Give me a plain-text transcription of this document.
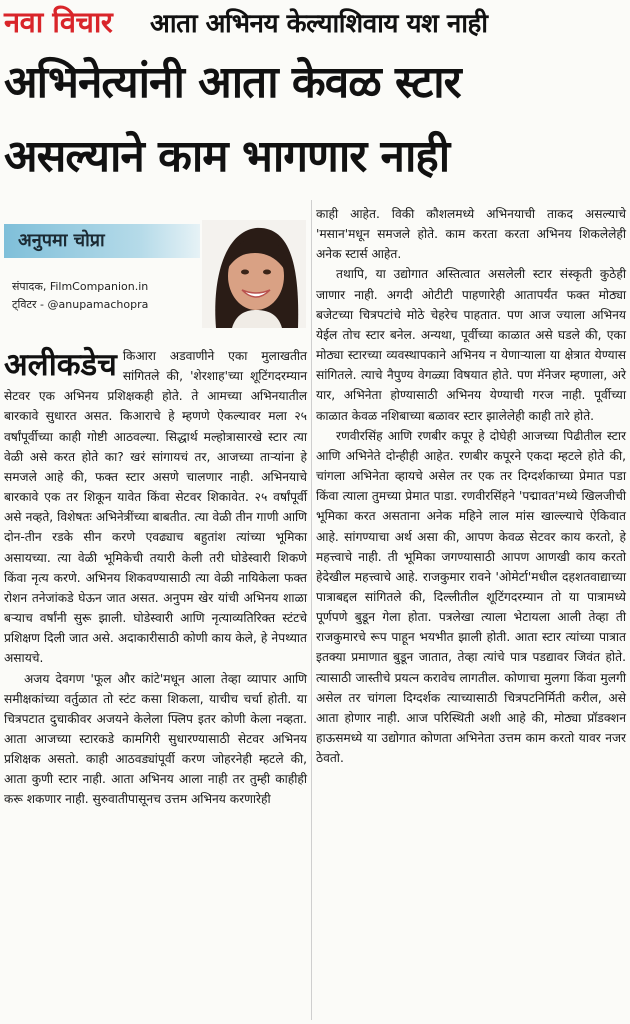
नवा विचार आता अभिनय केल्याशिवाय यश नाही
अभिनेत्यांनी आता केवळ स्टार
असल्याने काम भागणार नाही
अनुपमा चोप्रा
संपादक, FilmCompanion.in
ट्विटर - @anupamachopra

अलीकडेच किआरा अडवाणीने एका मुलाखतीत सांगितले की, 'शेरशाह'च्या शूटिंगदरम्यान सेटवर एक अभिनय प्रशिक्षकही होते. ते आमच्या अभिनयातील बारकावे सुधारत असत. किआराचे हे म्हणणे ऐकल्यावर मला २५ वर्षांपूर्वीच्या काही गोष्टी आठवल्या. सिद्धार्थ मल्होत्रासारखे स्टार त्या वेळी असे करत होते का? खरं सांगायचं तर, आजच्या ताऱ्यांना हे समजले आहे की, फक्त स्टार असणे चालणार नाही. अभिनयाचे बारकावे एक तर शिकून यावेत किंवा सेटवर शिकावेत. २५ वर्षांपूर्वी असे नव्हते, विशेषतः अभिनेत्रींच्या बाबतीत. त्या वेळी तीन गाणी आणि दोन-तीन रडके सीन करणे एवढ्याच बहुतांश त्यांच्या भूमिका असायच्या. त्या वेळी भूमिकेची तयारी केली तरी घोडेस्वारी शिकणे किंवा नृत्य करणे. अभिनय शिकवण्यासाठी त्या वेळी नायिकेला फक्त रोशन तनेजांकडे घेऊन जात असत. अनुपम खेर यांची अभिनय शाळा बऱ्याच वर्षांनी सुरू झाली. घोडेस्वारी आणि नृत्याव्यतिरिक्त स्टंटचे प्रशिक्षण दिली जात असे. अदाकारीसाठी कोणी काय केले, हे नेपथ्यात असायचे.

अजय देवगण 'फूल और कांटे'मधून आला तेव्हा व्यापार आणि समीक्षकांच्या वर्तुळात तो स्टंट कसा शिकला, याचीच चर्चा होती. या चित्रपटात दुचाकीवर अजयने केलेला फ्लिप इतर कोणी केला नव्हता. आता आजच्या स्टारकडे कामगिरी सुधारण्यासाठी सेटवर अभिनय प्रशिक्षक असतो. काही आठवड्यांपूर्वी करण जोहरनेही म्हटले की, आता कुणी स्टार नाही. आता अभिनय आला नाही तर तुम्ही काहीही करू शकणार नाही. सुरुवातीपासूनच उत्तम अभिनय करणारेही

काही आहेत. विकी कौशलमध्ये अभिनयाची ताकद असल्याचे 'मसान'मधून समजले होते. काम करता करता अभिनय शिकलेलेही अनेक स्टार्स आहेत.

तथापि, या उद्योगात अस्तित्वात असलेली स्टार संस्कृती कुठेही जाणार नाही. अगदी ओटीटी पाहणारेही आतापर्यंत फक्त मोठ्या बजेटच्या चित्रपटांचे मोठे चेहरेच पाहतात. पण आज ज्याला अभिनय येईल तोच स्टार बनेल. अन्यथा, पूर्वीच्या काळात असे घडले की, एका मोठ्या स्टारच्या व्यवस्थापकाने अभिनय न येणाऱ्याला या क्षेत्रात येण्यास सांगितले. त्याचे नैपुण्य वेगळ्या विषयात होते. पण मॅनेजर म्हणाला, अरे यार, अभिनेता होण्यासाठी अभिनय येण्याची गरज नाही. पूर्वीच्या काळात केवळ नशिबाच्या बळावर स्टार झालेलेही काही तारे होते.

रणवीरसिंह आणि रणबीर कपूर हे दोघेही आजच्या पिढीतील स्टार आणि अभिनेते दोन्हीही आहेत. रणबीर कपूरने एकदा म्हटले होते की, चांगला अभिनेता व्हायचे असेल तर एक तर दिग्दर्शकाच्या प्रेमात पडा किंवा त्याला तुमच्या प्रेमात पाडा. रणवीरसिंहने 'पद्मावत'मध्ये खिलजीची भूमिका करत असताना अनेक महिने लाल मांस खाल्ल्याचे ऐकिवात आहे. सांगण्याचा अर्थ असा की, आपण केवळ सेटवर काय करतो, हे महत्त्वाचे नाही. ती भूमिका जगण्यासाठी आपण आणखी काय करतो हेदेखील महत्त्वाचे आहे. राजकुमार रावने 'ओमेर्टा'मधील दहशतवाद्याच्या पात्राबद्दल सांगितले की, दिल्लीतील शूटिंगदरम्यान तो या पात्रामध्ये पूर्णपणे बुडून गेला होता. पत्रलेखा त्याला भेटायला आली तेव्हा ती राजकुमारचे रूप पाहून भयभीत झाली होती. आता स्टार त्यांच्या पात्रात इतक्या प्रमाणात बुडून जातात, तेव्हा त्यांचे पात्र पडद्यावर जिवंत होते. त्यासाठी जास्तीचे प्रयत्न करावेच लागतील. कोणाचा मुलगा किंवा मुलगी असेल तर चांगला दिग्दर्शक त्याच्यासाठी चित्रपटनिर्मिती करील, असे आता होणार नाही. आज परिस्थिती अशी आहे की, मोठ्या प्रॉडक्शन हाऊसमध्ये या उद्योगात कोणता अभिनेता उत्तम काम करतो यावर नजर ठेवतो.
